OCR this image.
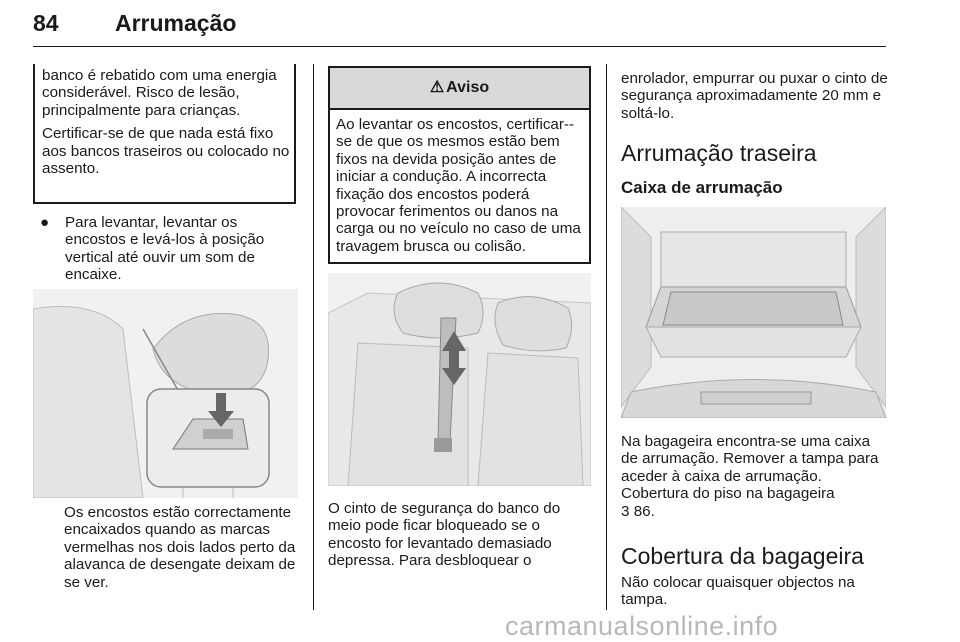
84 Arrumação

banco é rebatido com uma energia considerável. Risco de lesão, principalmente para crianças.

Certificar-se de que nada está fixo aos bancos traseiros ou colocado no assento.

● Para levantar, levantar os encostos e levá-los à posição vertical até ouvir um som de encaixe.
Os encostos estão correctamente encaixados quando as marcas vermelhas nos dois lados perto da alavanca de desengate deixam de se ver.
⚠ Aviso
Ao levantar os encostos, certificar--se de que os mesmos estão bem fixos na devida posição antes de iniciar a condução. A incorrecta fixação dos encostos poderá provocar ferimentos ou danos na carga ou no veículo no caso de uma travagem brusca ou colisão.
O cinto de segurança do banco do meio pode ficar bloqueado se o encosto for levantado demasiado depressa. Para desbloquear o
enrolador, empurrar ou puxar o cinto de segurança aproximadamente 20 mm e soltá-lo.
Arrumação traseira
Caixa de arrumação
Na bagageira encontra-se uma caixa de arrumação. Remover a tampa para aceder à caixa de arrumação. Cobertura do piso na bagageira
3 86.
Cobertura da bagageira
Não colocar quaisquer objectos na tampa.
carmanualsonline.info
